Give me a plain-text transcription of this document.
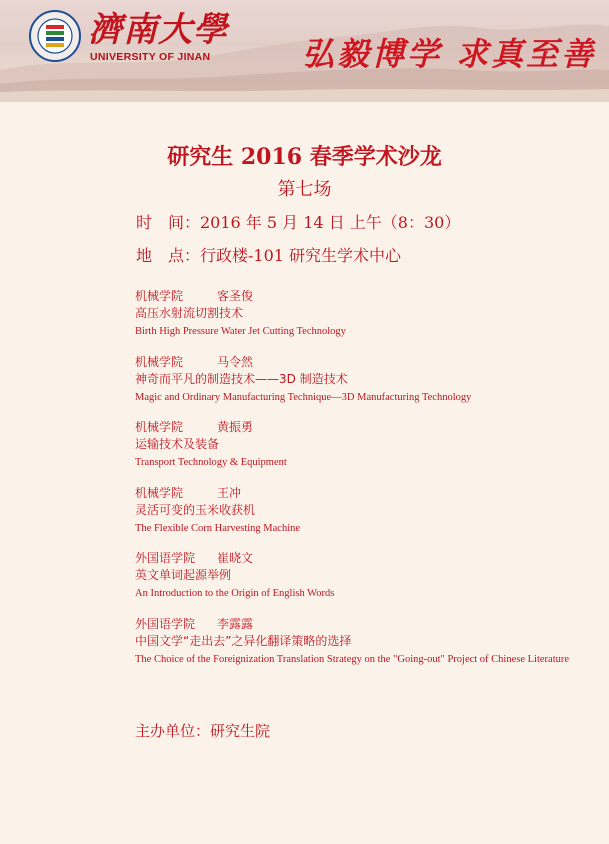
濟南大學
UNIVERSITY OF JINAN	弘毅博学 求真至善
研究生 2016 春季学术沙龙
第七场
时　间：2016 年 5 月 14 日 上午（8：30）
地　点：行政楼-101 研究生学术中心
机械学院	客圣俊
高压水射流切割技术
Birth High Pressure Water Jet Cutting Technology
机械学院	马令然
神奇而平凡的制造技术——3D 制造技术
Magic and Ordinary Manufacturing Technique—3D Manufacturing Technology
机械学院	黄振勇
运输技术及装备
Transport Technology & Equipment
机械学院	王冲
灵活可变的玉米收获机
The Flexible Corn Harvesting Machine
外国语学院 崔晓文
英文单词起源举例
An Introduction to the Origin of English Words
外国语学院 李露露
中国文学“走出去”之异化翻译策略的选择
The Choice of the Foreignization Translation Strategy on the "Going-out" Project of Chinese Literature
主办单位：研究生院
